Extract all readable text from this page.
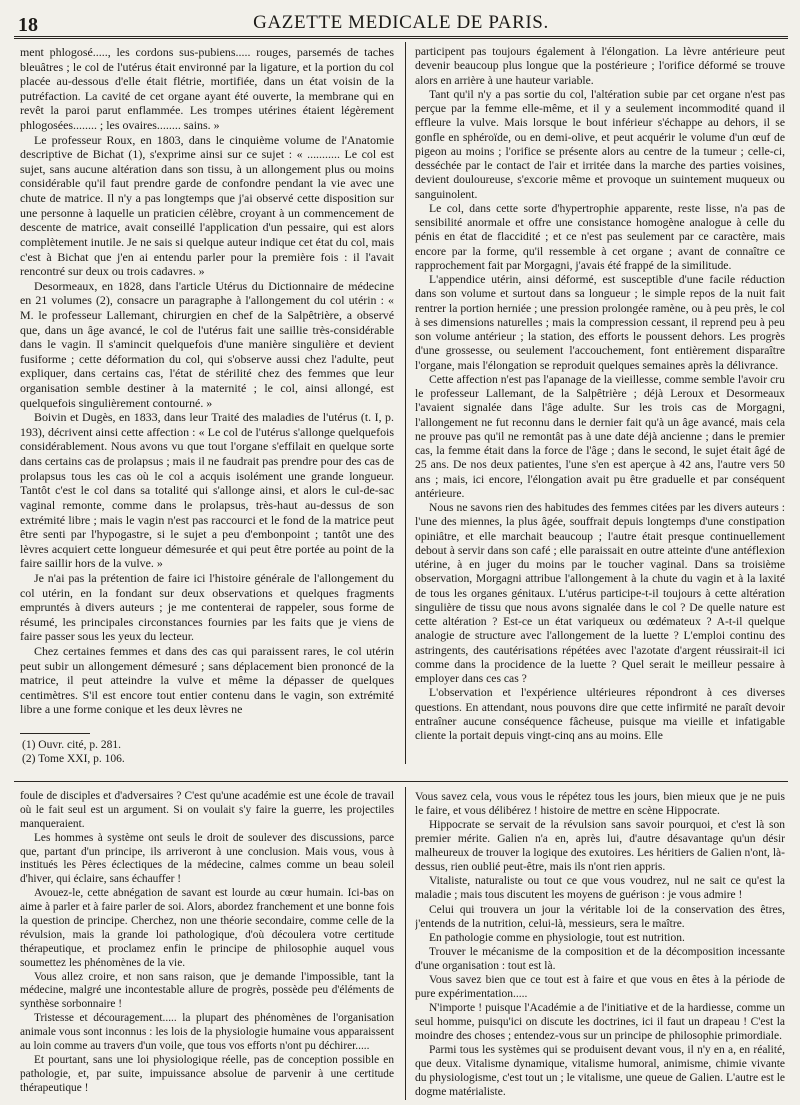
18	GAZETTE MEDICALE DE PARIS.

ment phlogosé....., les cordons sus-pubiens..... rouges, parsemés de taches bleuâtres ; le col de l'utérus était environné par la ligature, et la portion du col placée au-dessous d'elle était flétrie, mortifiée, dans un état voisin de la putréfaction. La cavité de cet organe ayant été ouverte, la membrane qui en revêt la paroi parut enflammée. Les trompes utérines étaient légèrement phlogosées........ ; les ovaires........ sains. »

Le professeur Roux, en 1803, dans le cinquième volume de l'Anatomie descriptive de Bichat (1), s'exprime ainsi sur ce sujet : « ........... Le col est sujet, sans aucune altération dans son tissu, à un allongement plus ou moins considérable qu'il faut prendre garde de confondre pendant la vie avec une chute de matrice. Il n'y a pas longtemps que j'ai observé cette disposition sur une personne à laquelle un praticien célèbre, croyant à un commencement de descente de matrice, avait conseillé l'application d'un pessaire, qui est alors complètement inutile. Je ne sais si quelque auteur indique cet état du col, mais c'est à Bichat que j'en ai entendu parler pour la première fois : il l'avait rencontré sur deux ou trois cadavres. »

Desormeaux, en 1828, dans l'article Utérus du Dictionnaire de médecine en 21 volumes (2), consacre un paragraphe à l'allongement du col utérin : « M. le professeur Lallemant, chirurgien en chef de la Salpêtrière, a observé que, dans un âge avancé, le col de l'utérus fait une saillie très-considérable dans le vagin. Il s'amincit quelquefois d'une manière singulière et devient fusiforme ; cette déformation du col, qui s'observe aussi chez l'adulte, peut expliquer, dans certains cas, l'état de stérilité chez des femmes que leur organisation semble destiner à la maternité ; le col, ainsi allongé, est quelquefois singulièrement contourné. »

Boivin et Dugès, en 1833, dans leur Traité des maladies de l'utérus (t. I, p. 193), décrivent ainsi cette affection : « Le col de l'utérus s'allonge quelquefois considérablement. Nous avons vu que tout l'organe s'effilait en quelque sorte dans certains cas de prolapsus ; mais il ne faudrait pas prendre pour des cas de prolapsus tous les cas où le col a acquis isolément une grande longueur. Tantôt c'est le col dans sa totalité qui s'allonge ainsi, et alors le cul-de-sac vaginal remonte, comme dans le prolapsus, très-haut au-dessus de son extrémité libre ; mais le vagin n'est pas raccourci et le fond de la matrice peut être senti par l'hypogastre, si le sujet a peu d'embonpoint ; tantôt une des lèvres acquiert cette longueur démesurée et qui peut être portée au point de la faire saillir hors de la vulve. »

Je n'ai pas la prétention de faire ici l'histoire générale de l'allongement du col utérin, en la fondant sur deux observations et quelques fragments empruntés à divers auteurs ; je me contenterai de rappeler, sous forme de résumé, les principales circonstances fournies par les faits que je viens de faire passer sous les yeux du lecteur.

Chez certaines femmes et dans des cas qui paraissent rares, le col utérin peut subir un allongement démesuré ; sans déplacement bien prononcé de la matrice, il peut atteindre la vulve et même la dépasser de quelques centimètres. S'il est encore tout entier contenu dans le vagin, son extrémité libre a une forme conique et les deux lèvres ne

(1) Ouvr. cité, p. 281.
(2) Tome XXI, p. 106.

participent pas toujours également à l'élongation. La lèvre antérieure peut devenir beaucoup plus longue que la postérieure ; l'orifice déformé se trouve alors en arrière à une hauteur variable.

Tant qu'il n'y a pas sortie du col, l'altération subie par cet organe n'est pas perçue par la femme elle-même, et il y a seulement incommodité quand il effleure la vulve. Mais lorsque le bout inférieur s'échappe au dehors, il se gonfle en sphéroïde, ou en demi-olive, et peut acquérir le volume d'un œuf de pigeon au moins ; l'orifice se présente alors au centre de la tumeur ; celle-ci, desséchée par le contact de l'air et irritée dans la marche des parties voisines, devient douloureuse, s'excorie même et provoque un suintement muqueux ou sanguinolent.

Le col, dans cette sorte d'hypertrophie apparente, reste lisse, n'a pas de sensibilité anormale et offre une consistance homogène analogue à celle du pénis en état de flaccidité ; et ce n'est pas seulement par ce caractère, mais encore par la forme, qu'il ressemble à cet organe ; avant de connaître ce rapprochement fait par Morgagni, j'avais été frappé de la similitude.

L'appendice utérin, ainsi déformé, est susceptible d'une facile réduction dans son volume et surtout dans sa longueur ; le simple repos de la nuit fait rentrer la portion herniée ; une pression prolongée ramène, ou à peu près, le col à ses dimensions naturelles ; mais la compression cessant, il reprend peu à peu son volume antérieur ; la station, des efforts le poussent dehors. Les progrès d'une grossesse, ou seulement l'accouchement, font entièrement disparaître l'organe, mais l'élongation se reproduit quelques semaines après la délivrance.

Cette affection n'est pas l'apanage de la vieillesse, comme semble l'avoir cru le professeur Lallemant, de la Salpêtrière ; déjà Leroux et Desormeaux l'avaient signalée dans l'âge adulte. Sur les trois cas de Morgagni, l'allongement ne fut reconnu dans le dernier fait qu'à un âge avancé, mais cela ne prouve pas qu'il ne remontât pas à une date déjà ancienne ; dans le premier cas, la femme était dans la force de l'âge ; dans le second, le sujet était âgé de 25 ans. De nos deux patientes, l'une s'en est aperçue à 42 ans, l'autre vers 50 ans ; mais, ici encore, l'élongation avait pu être graduelle et par conséquent antérieure.

Nous ne savons rien des habitudes des femmes citées par les divers auteurs : l'une des miennes, la plus âgée, souffrait depuis longtemps d'une constipation opiniâtre, et elle marchait beaucoup ; l'autre était presque continuellement debout à servir dans son café ; elle paraissait en outre atteinte d'une antéflexion utérine, à en juger du moins par le toucher vaginal. Dans sa troisième observation, Morgagni attribue l'allongement à la chute du vagin et à la laxité de tous les organes génitaux. L'utérus participe-t-il toujours à cette altération singulière de tissu que nous avons signalée dans le col ? De quelle nature est cette altération ? Est-ce un état variqueux ou œdémateux ? A-t-il quelque analogie de structure avec l'allongement de la luette ? L'emploi continu des astringents, des cautérisations répétées avec l'azotate d'argent réussirait-il ici comme dans la procidence de la luette ? Quel serait le meilleur pessaire à employer dans ces cas ?

L'observation et l'expérience ultérieures répondront à ces diverses questions. En attendant, nous pouvons dire que cette infirmité ne paraît devoir entraîner aucune conséquence fâcheuse, puisque ma vieille et infatigable cliente la portait depuis vingt-cinq ans au moins. Elle

foule de disciples et d'adversaires ? C'est qu'une académie est une école de travail où le fait seul est un argument. Si on voulait s'y faire la guerre, les projectiles manqueraient.

Les hommes à système ont seuls le droit de soulever des discussions, parce que, partant d'un principe, ils arriveront à une conclusion. Mais vous, vous à institués les Pères éclectiques de la médecine, calmes comme un beau soleil d'hiver, qui éclaire, sans échauffer !

Avouez-le, cette abnégation de savant est lourde au cœur humain. Ici-bas on aime à parler et à faire parler de soi. Alors, abordez franchement et une bonne fois la question de principe. Cherchez, non une théorie secondaire, comme celle de la révulsion, mais la grande loi pathologique, d'où découlera votre certitude thérapeutique, et proclamez enfin le principe de philosophie auquel vous soumettez les phénomènes de la vie.

Vous allez croire, et non sans raison, que je demande l'impossible, tant la médecine, malgré une incontestable allure de progrès, possède peu d'éléments de synthèse sorbonnaire !

Tristesse et découragement..... la plupart des phénomènes de l'organisation animale vous sont inconnus : les lois de la physiologie humaine vous apparaissent au loin comme au travers d'un voile, que tous vos efforts n'ont pu déchirer.....

Et pourtant, sans une loi physiologique réelle, pas de conception possible en pathologie, et, par suite, impuissance absolue de parvenir à une certitude thérapeutique !

Vous savez cela, vous vous le répétez tous les jours, bien mieux que je ne puis le faire, et vous délibérez ! histoire de mettre en scène Hippocrate.

Hippocrate se servait de la révulsion sans savoir pourquoi, et c'est là son premier mérite. Galien n'a en, après lui, d'autre désavantage qu'un désir malheureux de trouver la logique des exutoires. Les héritiers de Galien n'ont, là-dessus, rien oublié peut-être, mais ils n'ont rien appris.

Vitaliste, naturaliste ou tout ce que vous voudrez, nul ne sait ce qu'est la maladie ; mais tous discutent les moyens de guérison : je vous admire !

Celui qui trouvera un jour la véritable loi de la conservation des êtres, j'entends de la nutrition, celui-là, messieurs, sera le maître.

En pathologie comme en physiologie, tout est nutrition.

Trouver le mécanisme de la composition et de la décomposition incessante d'une organisation : tout est là.

Vous savez bien que ce tout est à faire et que vous en êtes à la période de pure expérimentation.....

N'importe ! puisque l'Académie a de l'initiative et de la hardiesse, comme un seul homme, puisqu'ici on discute les doctrines, ici il faut un drapeau ! C'est la moindre des choses ; entendez-vous sur un principe de philosophie primordiale.

Parmi tous les systèmes qui se produisent devant vous, il n'y en a, en réalité, que deux. Vitalisme dynamique, vitalisme humoral, animisme, chimie vivante du physiologisme, c'est tout un ; le vitalisme, une queue de Galien. L'autre est le dogme matérialiste.
